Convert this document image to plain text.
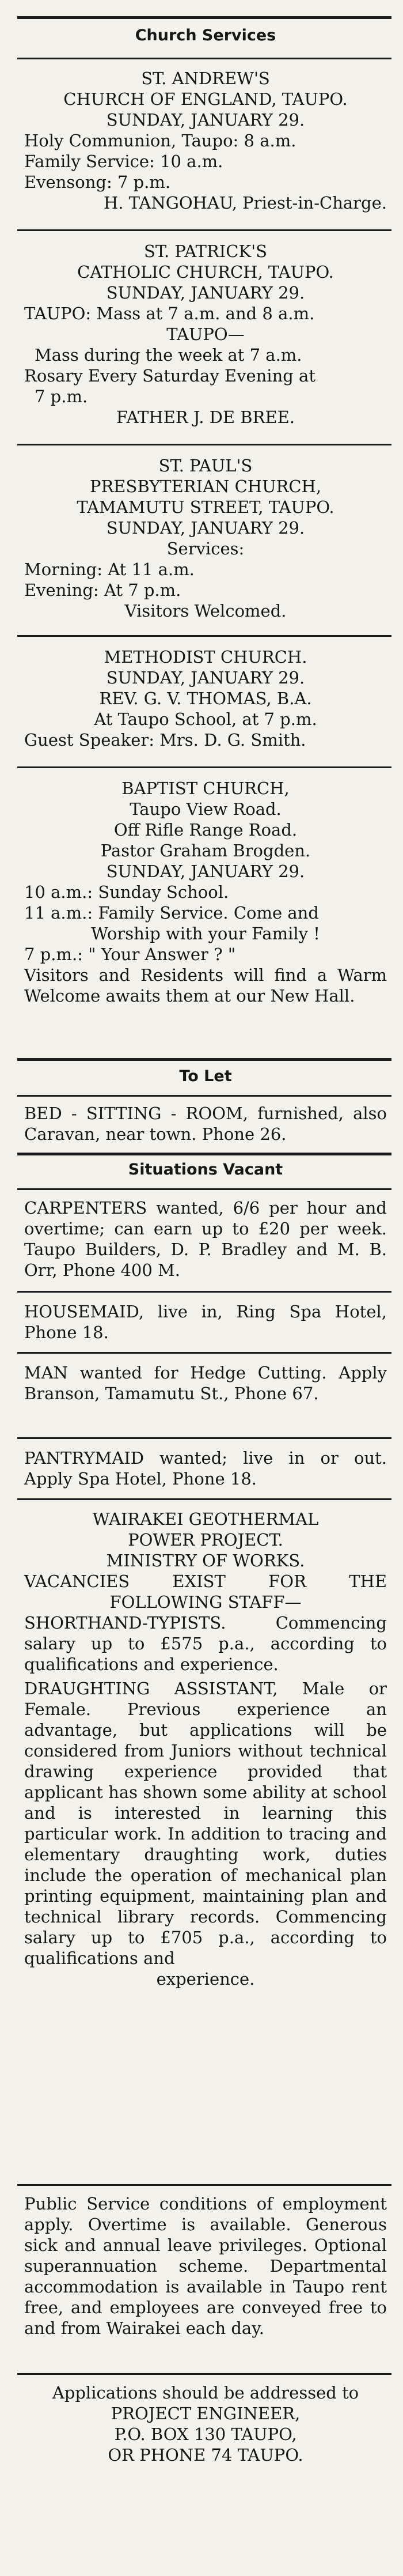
Church Services

ST. ANDREW'S

CHURCH OF ENGLAND, TAUPO.

SUNDAY, JANUARY 29.

Holy Communion, Taupo: 8 a.m.

Family Service: 10 a.m.

Evensong: 7 p.m.

H. TANGOHAU, Priest-in-Charge.

ST. PATRICK'S

CATHOLIC CHURCH, TAUPO.

SUNDAY, JANUARY 29.

TAUPO: Mass at 7 a.m. and 8 a.m.

TAUPO—

Mass during the week at 7 a.m.

Rosary Every Saturday Evening at

7 p.m.

FATHER J. DE BREE.

ST. PAUL'S

PRESBYTERIAN CHURCH,

TAMAMUTU STREET, TAUPO.

SUNDAY, JANUARY 29.

Services:

Morning: At 11 a.m.

Evening: At 7 p.m.

Visitors Welcomed.

METHODIST CHURCH.

SUNDAY, JANUARY 29.

REV. G. V. THOMAS, B.A.

At Taupo School, at 7 p.m.

Guest Speaker: Mrs. D. G. Smith.

BAPTIST CHURCH,

Taupo View Road.

Off Rifle Range Road.

Pastor Graham Brogden.

SUNDAY, JANUARY 29.

10 a.m.: Sunday School.

11 a.m.: Family Service. Come and

Worship with your Family !

7 p.m.: " Your Answer ? "

Visitors and Residents will find a Warm Welcome awaits them at our New Hall.

To Let

BED - SITTING - ROOM, furnished, also Caravan, near town. Phone 26.

Situations Vacant

CARPENTERS wanted, 6/6 per hour and overtime; can earn up to £20 per week. Taupo Builders, D. P. Bradley and M. B. Orr, Phone 400 M.

HOUSEMAID, live in, Ring Spa Hotel, Phone 18.

MAN wanted for Hedge Cutting. Apply Branson, Tamamutu St., Phone 67.

PANTRYMAID wanted; live in or out. Apply Spa Hotel, Phone 18.

WAIRAKEI GEOTHERMAL

POWER PROJECT.

MINISTRY OF WORKS.

VACANCIES EXIST FOR THE

FOLLOWING STAFF—

SHORTHAND-TYPISTS. Commencing salary up to £575 p.a., according to qualifications and experience.

DRAUGHTING ASSISTANT, Male or Female. Previous experience an advantage, but applications will be considered from Juniors without technical drawing experience provided that applicant has shown some ability at school and is interested in learning this particular work. In addition to tracing and elementary draughting work, duties include the operation of mechanical plan printing equipment, maintaining plan and technical library records. Commencing salary up to £705 p.a., according to qualifications and

experience.

Public Service conditions of employment apply. Overtime is available. Generous sick and annual leave privileges. Optional superannuation scheme. Departmental accommodation is available in Taupo rent free, and employees are conveyed free to and from Wairakei each day.

Applications should be addressed to

PROJECT ENGINEER,

P.O. BOX 130 TAUPO,

OR PHONE 74 TAUPO.
